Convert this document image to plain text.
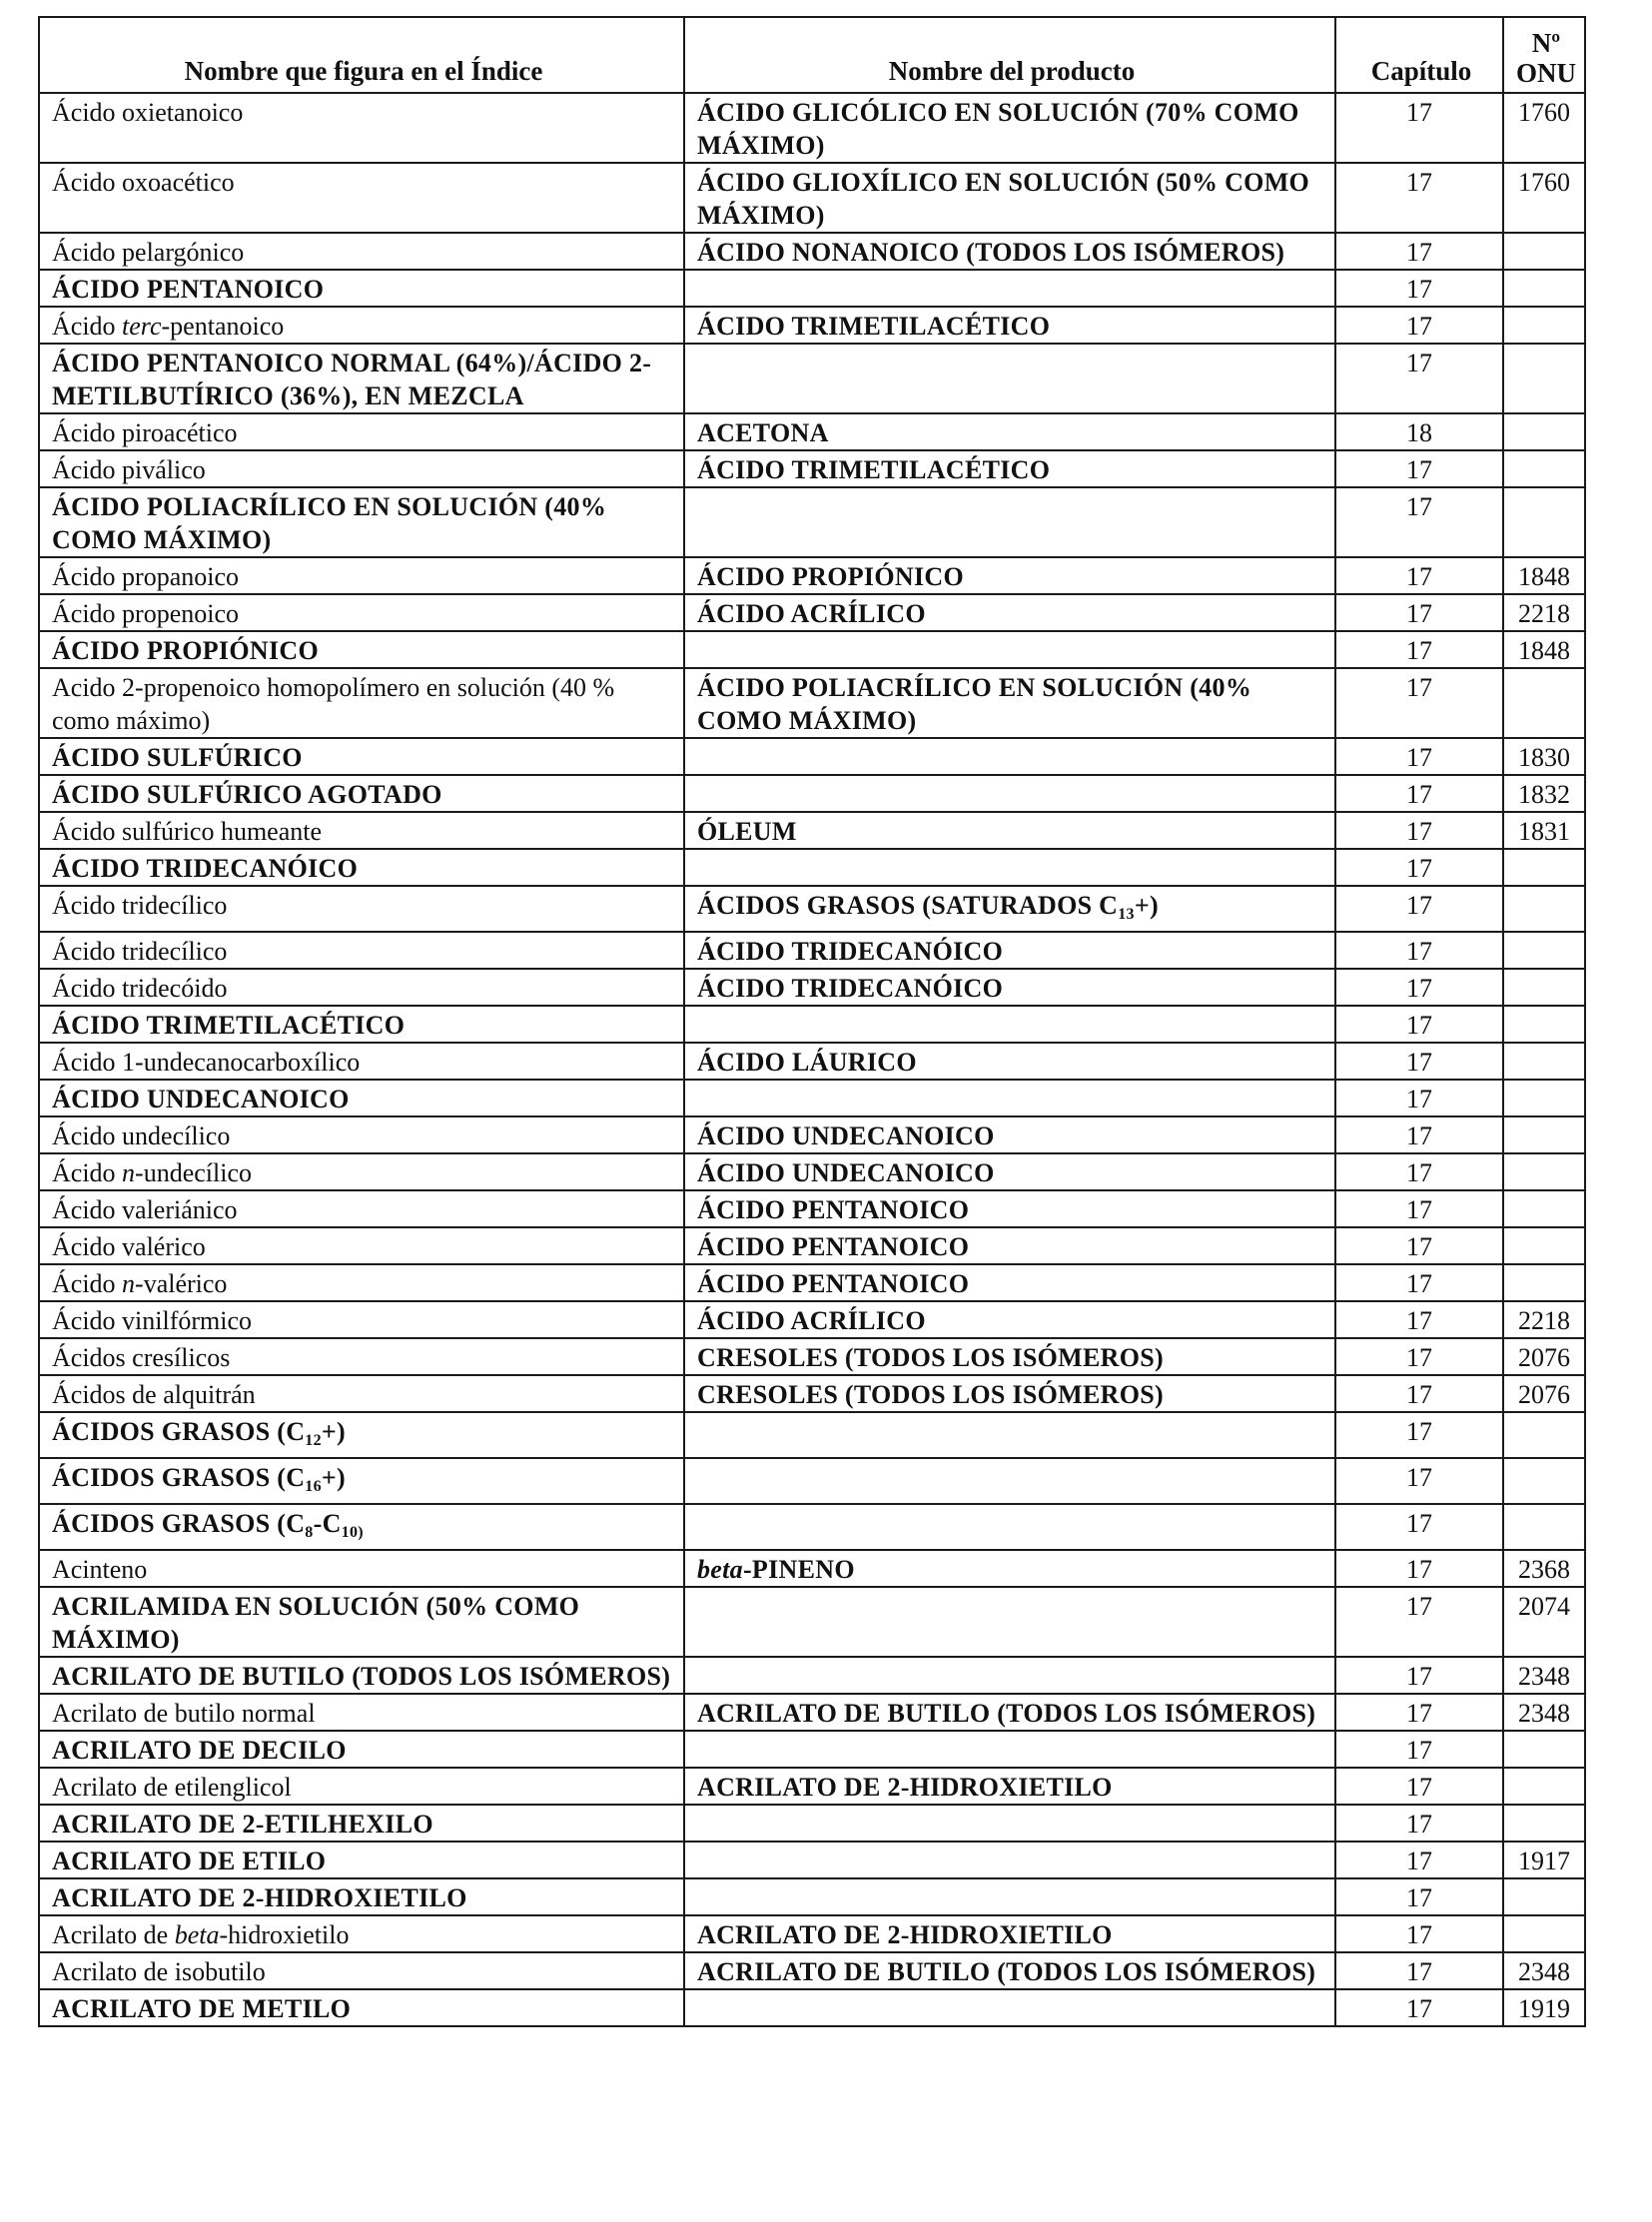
Nombre que figura en el Índice	Nombre del producto	Capítulo	Nº
ONU
Ácido oxietanoico	ÁCIDO GLICÓLICO EN SOLUCIÓN (70% COMO MÁXIMO)	17	1760
Ácido oxoacético	ÁCIDO GLIOXÍLICO EN SOLUCIÓN (50% COMO MÁXIMO)	17	1760
Ácido pelargónico	ÁCIDO NONANOICO (TODOS LOS ISÓMEROS)	17	
ÁCIDO PENTANOICO		17	
Ácido terc-pentanoico	ÁCIDO TRIMETILACÉTICO	17	
ÁCIDO PENTANOICO NORMAL (64%)/ÁCIDO 2-METILBUTÍRICO (36%), EN MEZCLA		17	
Ácido piroacético	ACETONA	18	
Ácido piválico	ÁCIDO TRIMETILACÉTICO	17	
ÁCIDO POLIACRÍLICO EN SOLUCIÓN (40% COMO MÁXIMO)		17	
Ácido propanoico	ÁCIDO PROPIÓNICO	17	1848
Ácido propenoico	ÁCIDO ACRÍLICO	17	2218
ÁCIDO PROPIÓNICO		17	1848
Acido 2-propenoico homopolímero en solución (40 % como máximo)	ÁCIDO POLIACRÍLICO EN SOLUCIÓN (40% COMO MÁXIMO)	17	
ÁCIDO SULFÚRICO		17	1830
ÁCIDO SULFÚRICO AGOTADO		17	1832
Ácido sulfúrico humeante	ÓLEUM	17	1831
ÁCIDO TRIDECANÓICO		17	
Ácido tridecílico	ÁCIDOS GRASOS (SATURADOS $C_{13}+$)	17	
Ácido tridecílico	ÁCIDO TRIDECANÓICO	17	
Ácido tridecóido	ÁCIDO TRIDECANÓICO	17	
ÁCIDO TRIMETILACÉTICO		17	
Ácido 1-undecanocarboxílico	ÁCIDO LÁURICO	17	
ÁCIDO UNDECANOICO		17	
Ácido undecílico	ÁCIDO UNDECANOICO	17	
Ácido n-undecílico	ÁCIDO UNDECANOICO	17	
Ácido valeriánico	ÁCIDO PENTANOICO	17	
Ácido valérico	ÁCIDO PENTANOICO	17	
Ácido n-valérico	ÁCIDO PENTANOICO	17	
Ácido vinilfórmico	ÁCIDO ACRÍLICO	17	2218
Ácidos cresílicos	CRESOLES (TODOS LOS ISÓMEROS)	17	2076
Ácidos de alquitrán	CRESOLES (TODOS LOS ISÓMEROS)	17	2076
ÁCIDOS GRASOS $(C_{12}+)$		17	
ÁCIDOS GRASOS $(C_{16}+)$		17	
ÁCIDOS GRASOS ($C_8-C_{10)}$		17	
Acinteno	beta-PINENO	17	2368
ACRILAMIDA EN SOLUCIÓN (50% COMO MÁXIMO)		17	2074
ACRILATO DE BUTILO (TODOS LOS ISÓMEROS)		17	2348
Acrilato de butilo normal	ACRILATO DE BUTILO (TODOS LOS ISÓMEROS)	17	2348
ACRILATO DE DECILO		17	
Acrilato de etilenglicol	ACRILATO DE 2-HIDROXIETILO	17	
ACRILATO DE 2-ETILHEXILO		17	
ACRILATO DE ETILO		17	1917
ACRILATO DE 2-HIDROXIETILO		17	
Acrilato de beta-hidroxietilo	ACRILATO DE 2-HIDROXIETILO	17	
Acrilato de isobutilo	ACRILATO DE BUTILO (TODOS LOS ISÓMEROS)	17	2348
ACRILATO DE METILO		17	1919
